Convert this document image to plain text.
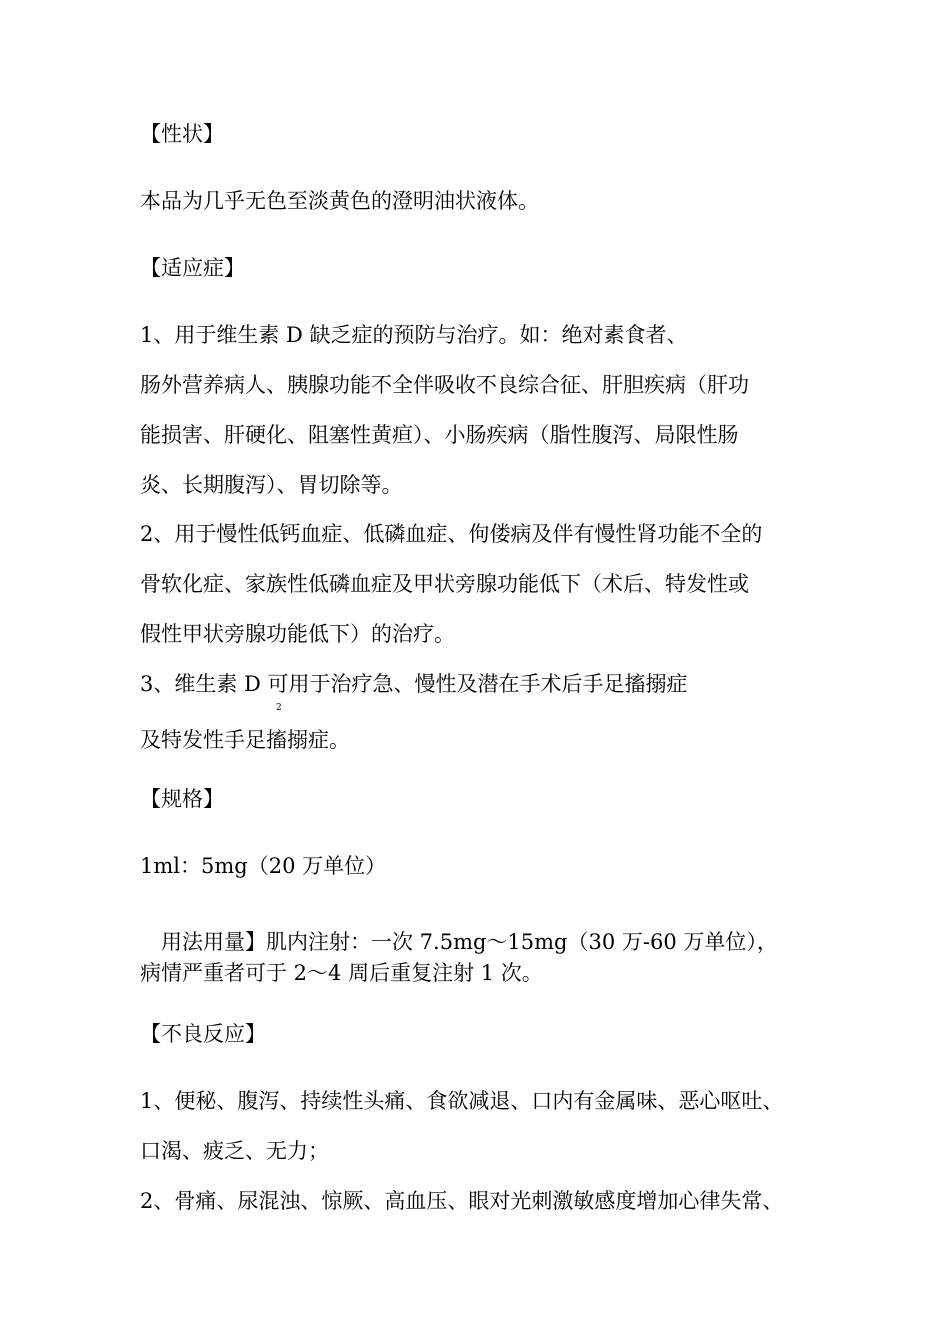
【性状】
本品为几乎无色至淡黄色的澄明油状液体。
【适应症】
1、用于维生素 D 缺乏症的预防与治疗。如：绝对素食者、
肠外营养病人、胰腺功能不全伴吸收不良综合征、肝胆疾病（肝功
能损害、肝硬化、阻塞性黄疸）、小肠疾病（脂性腹泻、局限性肠
炎、长期腹泻）、胃切除等。
2、用于慢性低钙血症、低磷血症、佝偻病及伴有慢性肾功能不全的
骨软化症、家族性低磷血症及甲状旁腺功能低下（术后、特发性或
假性甲状旁腺功能低下）的治疗。
3、维生素 D 可用于治疗急、慢性及潜在手术后手足搐搦症
2
及特发性手足搐搦症。
【规格】
1ml：5mg（20 万单位）
　用法用量】肌内注射：一次 7.5mg～15mg（30 万-60 万单位），
病情严重者可于 2～4 周后重复注射 1 次。
【不良反应】
1、便秘、腹泻、持续性头痛、食欲减退、口内有金属味、恶心呕吐、
口渴、疲乏、无力；
2、骨痛、尿混浊、惊厥、高血压、眼对光刺激敏感度增加心律失常、
